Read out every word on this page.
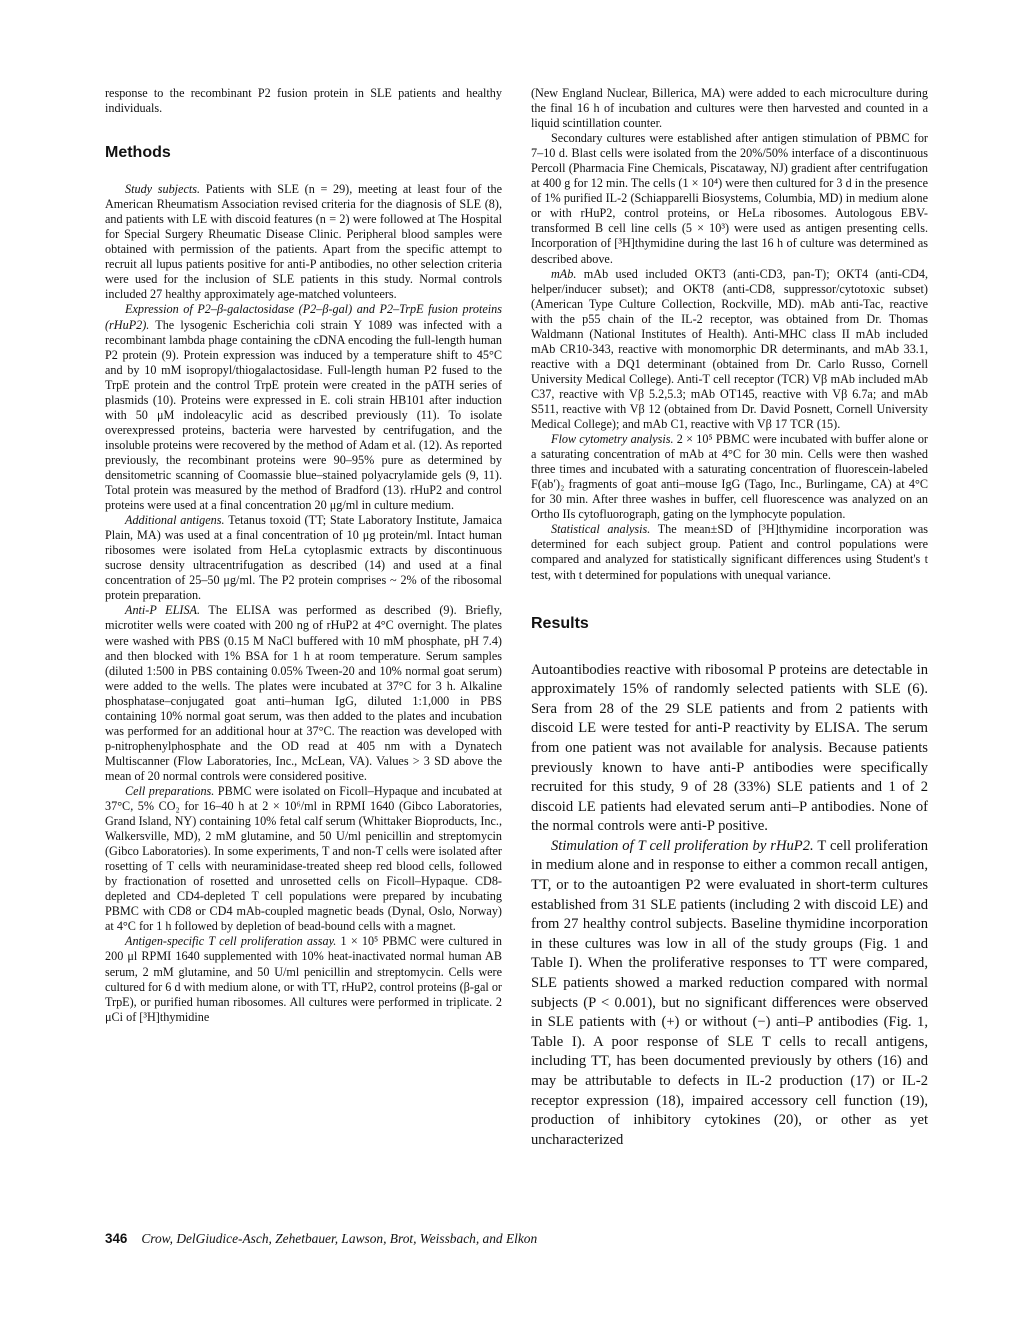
response to the recombinant P2 fusion protein in SLE patients and healthy individuals.

Methods

Study subjects. Patients with SLE (n = 29), meeting at least four of the American Rheumatism Association revised criteria for the diagnosis of SLE (8), and patients with LE with discoid features (n = 2) were followed at The Hospital for Special Surgery Rheumatic Disease Clinic. Peripheral blood samples were obtained with permission of the patients. Apart from the specific attempt to recruit all lupus patients positive for anti-P antibodies, no other selection criteria were used for the inclusion of SLE patients in this study. Normal controls included 27 healthy approximately age-matched volunteers.

Expression of P2–β-galactosidase (P2–β-gal) and P2–TrpE fusion proteins (rHuP2). The lysogenic Escherichia coli strain Y 1089 was infected with a recombinant lambda phage containing the cDNA encoding the full-length human P2 protein (9). Protein expression was induced by a temperature shift to 45°C and by 10 mM isopropyl/thiogalactosidase. Full-length human P2 fused to the TrpE protein and the control TrpE protein were created in the pATH series of plasmids (10). Proteins were expressed in E. coli strain HB101 after induction with 50 μM indoleacylic acid as described previously (11). To isolate overexpressed proteins, bacteria were harvested by centrifugation, and the insoluble proteins were recovered by the method of Adam et al. (12). As reported previously, the recombinant proteins were 90–95% pure as determined by densitometric scanning of Coomassie blue–stained polyacrylamide gels (9, 11). Total protein was measured by the method of Bradford (13). rHuP2 and control proteins were used at a final concentration 20 μg/ml in culture medium.

Additional antigens. Tetanus toxoid (TT; State Laboratory Institute, Jamaica Plain, MA) was used at a final concentration of 10 μg protein/ml. Intact human ribosomes were isolated from HeLa cytoplasmic extracts by discontinuous sucrose density ultracentrifugation as described (14) and used at a final concentration of 25–50 μg/ml. The P2 protein comprises ~ 2% of the ribosomal protein preparation.

Anti-P ELISA. The ELISA was performed as described (9). Briefly, microtiter wells were coated with 200 ng of rHuP2 at 4°C overnight. The plates were washed with PBS (0.15 M NaCl buffered with 10 mM phosphate, pH 7.4) and then blocked with 1% BSA for 1 h at room temperature. Serum samples (diluted 1:500 in PBS containing 0.05% Tween-20 and 10% normal goat serum) were added to the wells. The plates were incubated at 37°C for 3 h. Alkaline phosphatase–conjugated goat anti–human IgG, diluted 1:1,000 in PBS containing 10% normal goat serum, was then added to the plates and incubation was performed for an additional hour at 37°C. The reaction was developed with p-nitrophenylphosphate and the OD read at 405 nm with a Dynatech Multiscanner (Flow Laboratories, Inc., McLean, VA). Values > 3 SD above the mean of 20 normal controls were considered positive.

Cell preparations. PBMC were isolated on Ficoll–Hypaque and incubated at 37°C, 5% CO₂ for 16–40 h at 2 × 10⁶/ml in RPMI 1640 (Gibco Laboratories, Grand Island, NY) containing 10% fetal calf serum (Whittaker Bioproducts, Inc., Walkersville, MD), 2 mM glutamine, and 50 U/ml penicillin and streptomycin (Gibco Laboratories). In some experiments, T and non-T cells were isolated after rosetting of T cells with neuraminidase-treated sheep red blood cells, followed by fractionation of rosetted and unrosetted cells on Ficoll–Hypaque. CD8-depleted and CD4-depleted T cell populations were prepared by incubating PBMC with CD8 or CD4 mAb-coupled magnetic beads (Dynal, Oslo, Norway) at 4°C for 1 h followed by depletion of bead-bound cells with a magnet.

Antigen-specific T cell proliferation assay. 1 × 10⁵ PBMC were cultured in 200 μl RPMI 1640 supplemented with 10% heat-inactivated normal human AB serum, 2 mM glutamine, and 50 U/ml penicillin and streptomycin. Cells were cultured for 6 d with medium alone, or with TT, rHuP2, control proteins (β-gal or TrpE), or purified human ribosomes. All cultures were performed in triplicate. 2 μCi of [³H]thymidine

(New England Nuclear, Billerica, MA) were added to each microculture during the final 16 h of incubation and cultures were then harvested and counted in a liquid scintillation counter.

Secondary cultures were established after antigen stimulation of PBMC for 7–10 d. Blast cells were isolated from the 20%/50% interface of a discontinuous Percoll (Pharmacia Fine Chemicals, Piscataway, NJ) gradient after centrifugation at 400 g for 12 min. The cells (1 × 10⁴) were then cultured for 3 d in the presence of 1% purified IL-2 (Schiapparelli Biosystems, Columbia, MD) in medium alone or with rHuP2, control proteins, or HeLa ribosomes. Autologous EBV-transformed B cell line cells (5 × 10³) were used as antigen presenting cells. Incorporation of [³H]thymidine during the last 16 h of culture was determined as described above.

mAb. mAb used included OKT3 (anti-CD3, pan-T); OKT4 (anti-CD4, helper/inducer subset); and OKT8 (anti-CD8, suppressor/cytotoxic subset) (American Type Culture Collection, Rockville, MD). mAb anti-Tac, reactive with the p55 chain of the IL-2 receptor, was obtained from Dr. Thomas Waldmann (National Institutes of Health). Anti-MHC class II mAb included mAb CR10-343, reactive with monomorphic DR determinants, and mAb 33.1, reactive with a DQ1 determinant (obtained from Dr. Carlo Russo, Cornell University Medical College). Anti-T cell receptor (TCR) Vβ mAb included mAb C37, reactive with Vβ 5.2,5.3; mAb OT145, reactive with Vβ 6.7a; and mAb S511, reactive with Vβ 12 (obtained from Dr. David Posnett, Cornell University Medical College); and mAb C1, reactive with Vβ 17 TCR (15).

Flow cytometry analysis. 2 × 10⁵ PBMC were incubated with buffer alone or a saturating concentration of mAb at 4°C for 30 min. Cells were then washed three times and incubated with a saturating concentration of fluorescein-labeled F(ab′)₂ fragments of goat anti–mouse IgG (Tago, Inc., Burlingame, CA) at 4°C for 30 min. After three washes in buffer, cell fluorescence was analyzed on an Ortho IIs cytofluorograph, gating on the lymphocyte population.

Statistical analysis. The mean±SD of [³H]thymidine incorporation was determined for each subject group. Patient and control populations were compared and analyzed for statistically significant differences using Student's t test, with t determined for populations with unequal variance.

Results

Autoantibodies reactive with ribosomal P proteins are detectable in approximately 15% of randomly selected patients with SLE (6). Sera from 28 of the 29 SLE patients and from 2 patients with discoid LE were tested for anti-P reactivity by ELISA. The serum from one patient was not available for analysis. Because patients previously known to have anti-P antibodies were specifically recruited for this study, 9 of 28 (33%) SLE patients and 1 of 2 discoid LE patients had elevated serum anti–P antibodies. None of the normal controls were anti-P positive.

Stimulation of T cell proliferation by rHuP2. T cell proliferation in medium alone and in response to either a common recall antigen, TT, or to the autoantigen P2 were evaluated in short-term cultures established from 31 SLE patients (including 2 with discoid LE) and from 27 healthy control subjects. Baseline thymidine incorporation in these cultures was low in all of the study groups (Fig. 1 and Table I). When the proliferative responses to TT were compared, SLE patients showed a marked reduction compared with normal subjects (P < 0.001), but no significant differences were observed in SLE patients with (+) or without (−) anti–P antibodies (Fig. 1, Table I). A poor response of SLE T cells to recall antigens, including TT, has been documented previously by others (16) and may be attributable to defects in IL-2 production (17) or IL-2 receptor expression (18), impaired accessory cell function (19), production of inhibitory cytokines (20), or other as yet uncharacterized

346 Crow, DelGiudice-Asch, Zehetbauer, Lawson, Brot, Weissbach, and Elkon
